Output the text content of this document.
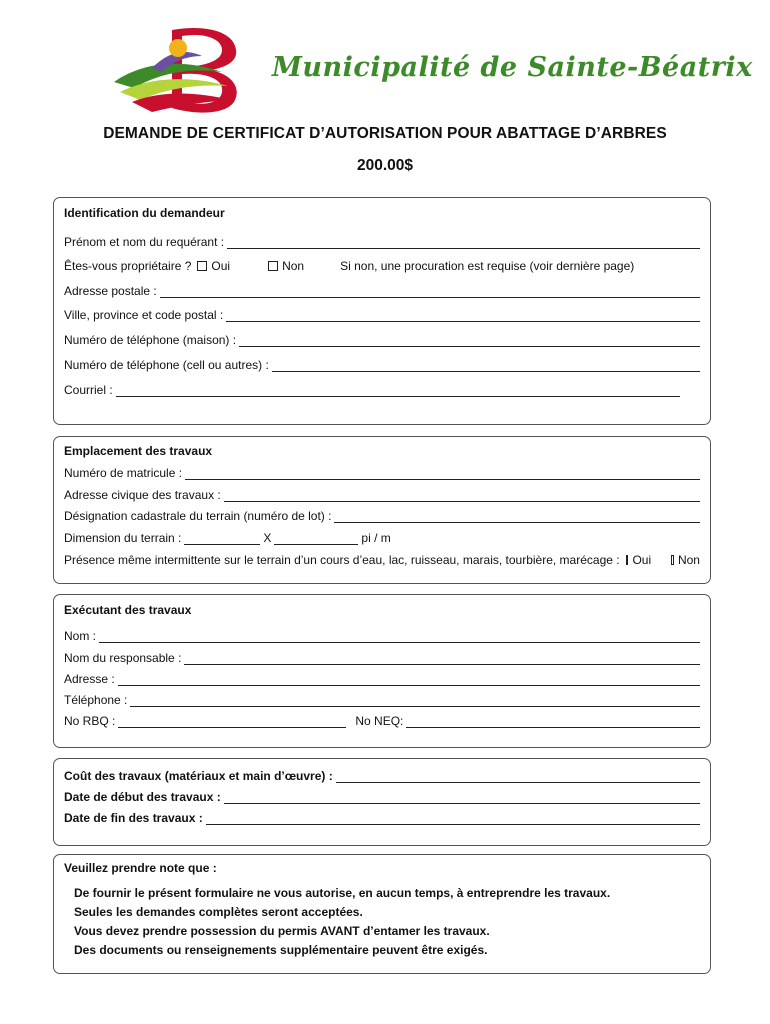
Municipalité de Sainte-Béatrix
DEMANDE DE CERTIFICAT D’AUTORISATION POUR ABATTAGE D’ARBRES
200.00$
Identification du demandeur
Prénom et nom du requérant :
Êtes-vous propriétaire ? Oui	Non	Si non, une procuration est requise (voir dernière page)
Adresse postale :
Ville, province et code postal :
Numéro de téléphone (maison) :
Numéro de téléphone (cell ou autres) :
Courriel :
Emplacement des travaux
Numéro de matricule :
Adresse civique des travaux :
Désignation cadastrale du terrain (numéro de lot) :
Dimension du terrain :	X	pi / m
Présence même intermittente sur le terrain d’un cours d’eau, lac, ruisseau, marais, tourbière, marécage : Oui Non
Exécutant des travaux
Nom :
Nom du responsable :
Adresse :
Téléphone :
No RBQ :	No NEQ:
Coût des travaux (matériaux et main d’œuvre) :
Date de début des travaux :
Date de fin des travaux :
Veuillez prendre note que :
De fournir le présent formulaire ne vous autorise, en aucun temps, à entreprendre les travaux.
Seules les demandes complètes seront acceptées.
Vous devez prendre possession du permis AVANT d’entamer les travaux.
Des documents ou renseignements supplémentaire peuvent être exigés.
